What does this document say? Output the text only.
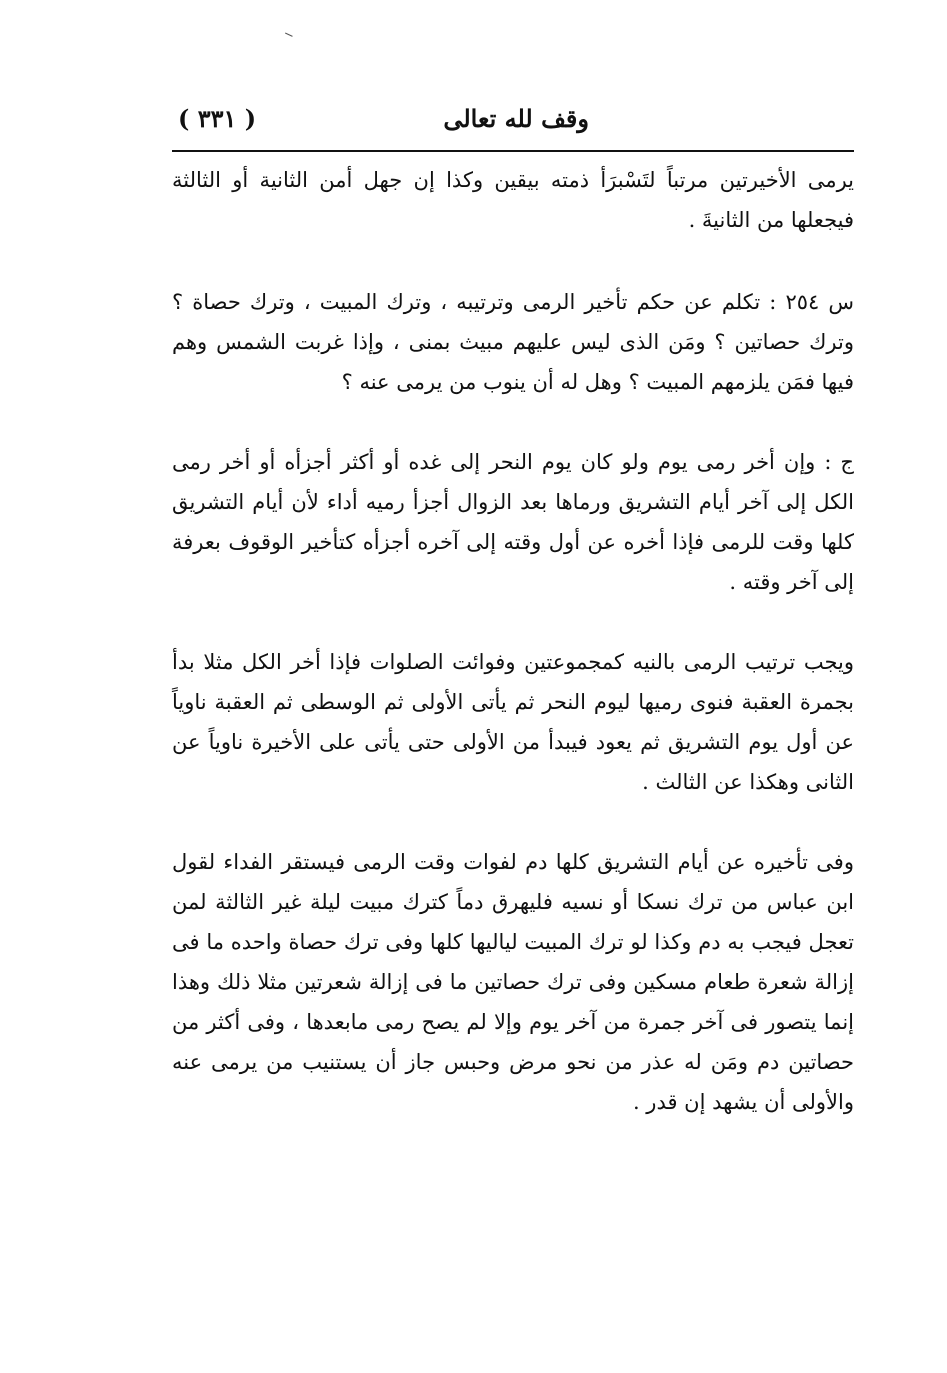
وقف لله تعالى
( ٣٣١ )

يرمى الأخيرتين مرتباً لتَسْبرَأ ذمته بيقين وكذا إن جهل أمن الثانية أو الثالثة فيجعلها من الثانيةَ .

س ٢٥٤ : تكلم عن حكم تأخير الرمى وترتيبه ، وترك المبيت ، وترك حصاة ؟ وترك حصاتين ؟ ومَن الذى ليس عليهم مبيث بمنى ، وإذا غربت الشمس وهم فيها فمَن يلزمهم المبيت ؟ وهل له أن ينوب من يرمى عنه ؟

ج : وإن أخر رمى يوم ولو كان يوم النحر إلى غده أو أكثر أجزأه أو أخر رمى الكل إلى آخر أيام التشريق ورماها بعد الزوال أجزأ رميه أداء لأن أيام التشريق كلها وقت للرمى فإذا أخره عن أول وقته إلى آخره أجزأه كتأخير الوقوف بعرفة إلى آخر وقته .

ويجب ترتيب الرمى بالنيه كمجموعتين وفوائت الصلوات فإذا أخر الكل مثلا بدأ بجمرة العقبة فنوى رميها ليوم النحر ثم يأتى الأولى ثم الوسطى ثم العقبة ناوياً عن أول يوم التشريق ثم يعود فيبدأ من الأولى حتى يأتى على الأخيرة ناوياً عن الثانى وهكذا عن الثالث .

وفى تأخيره عن أيام التشريق كلها دم لفوات وقت الرمى فيستقر الفداء لقول ابن عباس من ترك نسكا أو نسيه فليهرق دماً كترك مبيت ليلة غير الثالثة لمن تعجل فيجب به دم وكذا لو ترك المبيت لياليها كلها وفى ترك حصاة واحده ما فى إزالة شعرة طعام مسكين وفى ترك حصاتين ما فى إزالة شعرتين مثلا ذلك وهذا إنما يتصور فى آخر جمرة من آخر يوم وإلا لم يصح رمى مابعدها ، وفى أكثر من حصاتين دم ومَن له عذر من نحو مرض وحبس جاز أن يستنيب من يرمى عنه والأولى أن يشهد إن قدر .
